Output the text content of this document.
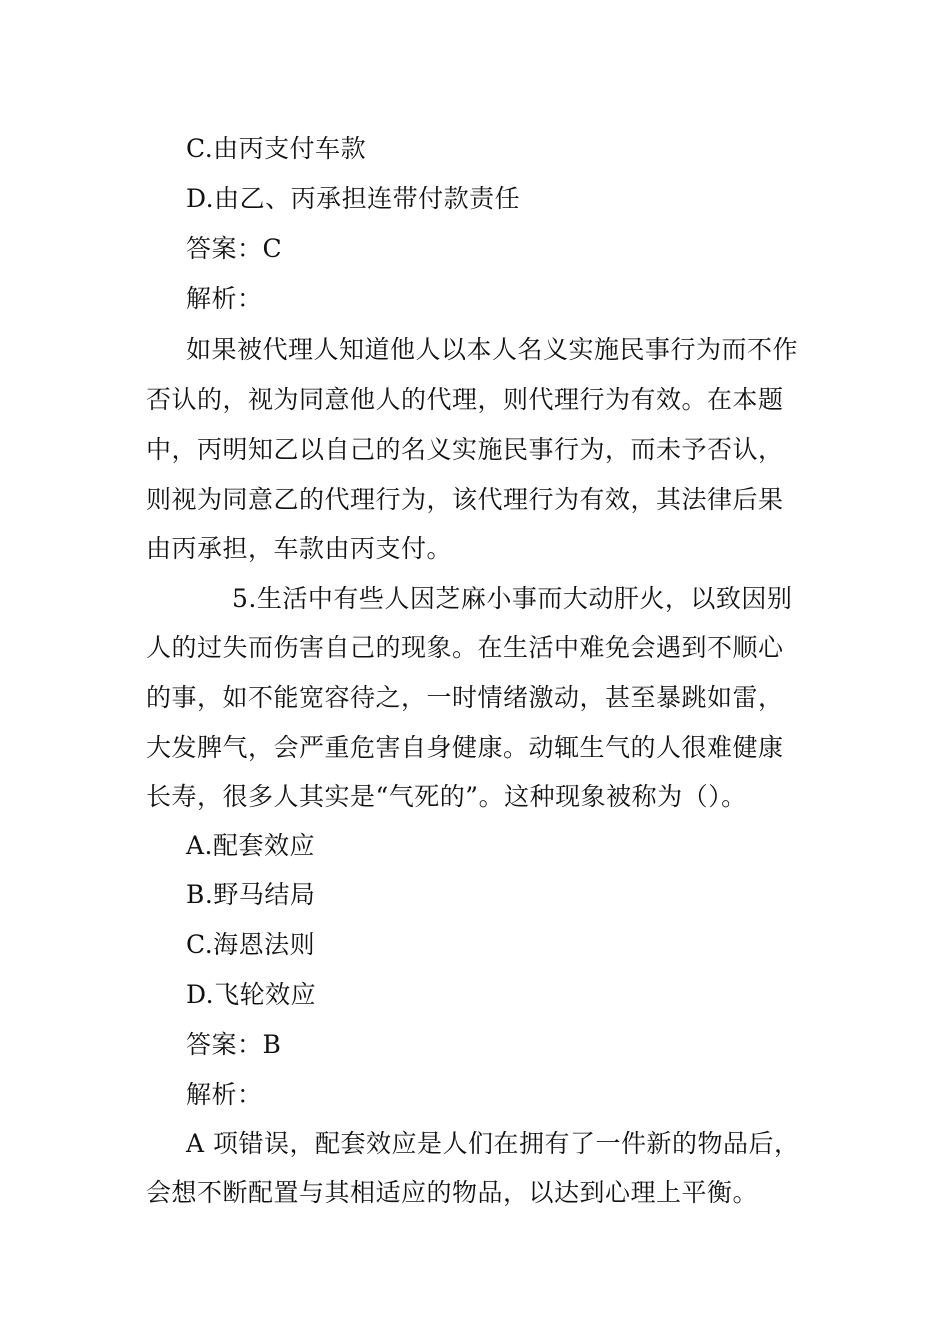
C.由丙支付车款
D.由乙、丙承担连带付款责任
答案：C
解析：
如果被代理人知道他人以本人名义实施民事行为而不作
否认的，视为同意他人的代理，则代理行为有效。在本题
中，丙明知乙以自己的名义实施民事行为，而未予否认，
则视为同意乙的代理行为，该代理行为有效，其法律后果
由丙承担，车款由丙支付。
5.生活中有些人因芝麻小事而大动肝火，以致因别
人的过失而伤害自己的现象。在生活中难免会遇到不顺心
的事，如不能宽容待之，一时情绪激动，甚至暴跳如雷，
大发脾气，会严重危害自身健康。动辄生气的人很难健康
长寿，很多人其实是“气死的”。这种现象被称为（）。
A.配套效应
B.野马结局
C.海恩法则
D.飞轮效应
答案：B
解析：
A 项错误，配套效应是人们在拥有了一件新的物品后，
会想不断配置与其相适应的物品，以达到心理上平衡。
